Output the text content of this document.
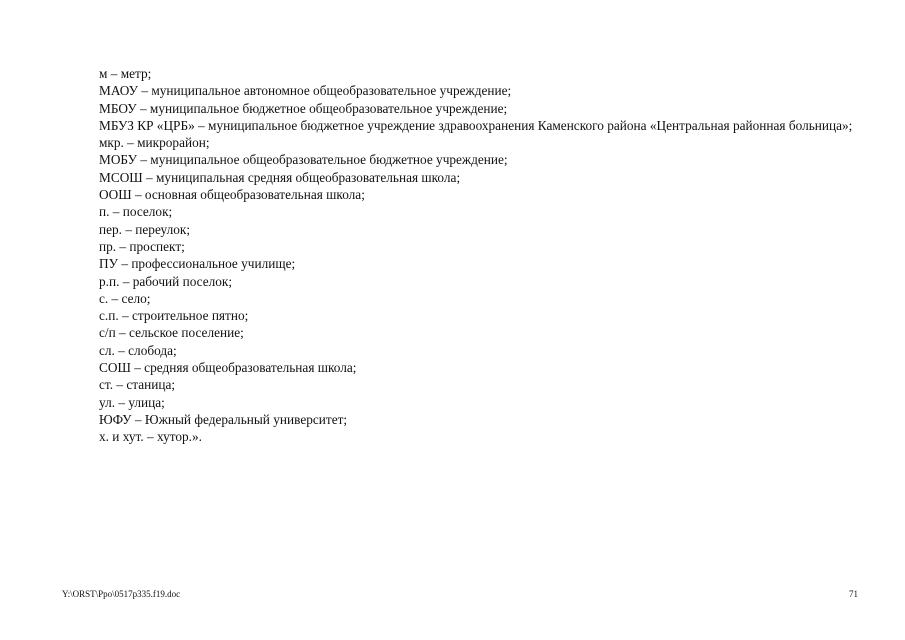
м – метр;

МАОУ – муниципальное автономное общеобразовательное учреждение;

МБОУ – муниципальное бюджетное общеобразовательное учреждение;

МБУЗ КР «ЦРБ» – муниципальное бюджетное учреждение здравоохранения Каменского района «Центральная районная больница»;

мкр. – микрорайон;

МОБУ – муниципальное общеобразовательное бюджетное учреждение;

МСОШ – муниципальная средняя общеобразовательная школа;

ООШ – основная общеобразовательная школа;

п. – поселок;

пер. – переулок;

пр. – проспект;

ПУ – профессиональное училище;

р.п. – рабочий поселок;

с. – село;

с.п. – строительное пятно;

с/п – сельское поселение;

сл. – слобода;

СОШ – средняя общеобразовательная школа;

ст. – станица;

ул. – улица;

ЮФУ – Южный федеральный университет;

х. и хут. – хутор.».

Y:\ORST\Ppo\0517p335.f19.doc	71
